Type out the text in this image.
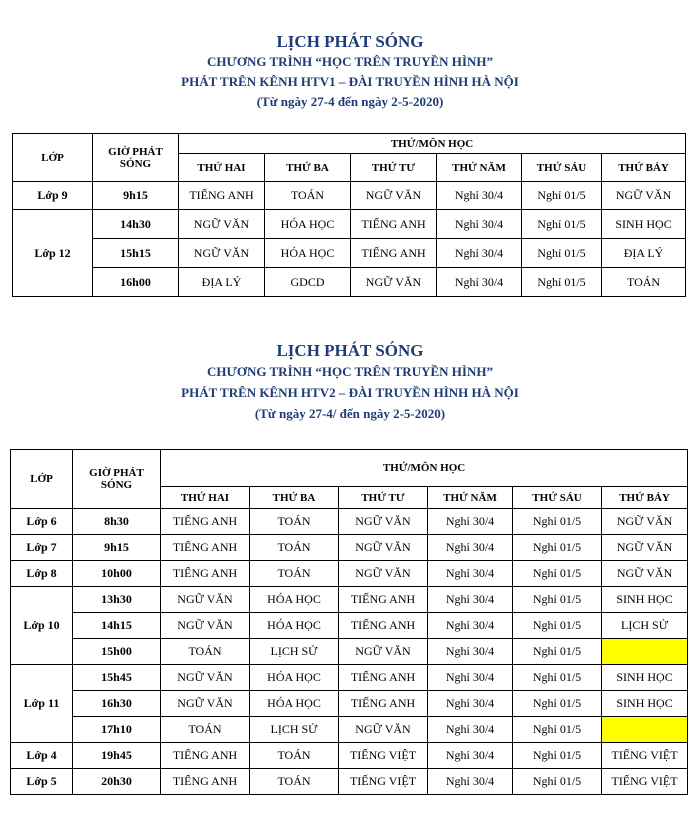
LỊCH PHÁT SÓNG
CHƯƠNG TRÌNH “HỌC TRÊN TRUYỀN HÌNH”
PHÁT TRÊN KÊNH HTV1 – ĐÀI TRUYỀN HÌNH HÀ NỘI
(Từ ngày 27-4 đến ngày 2-5-2020)
LỚP	GIỜ PHÁT SÓNG	THỨ/MÔN HỌC					
		THỨ HAI	THỨ BA	THỨ TƯ	THỨ NĂM	THỨ SÁU	THỨ BẢY
Lớp 9	9h15	TIẾNG ANH	TOÁN	NGỮ VĂN	Nghỉ 30/4	Nghỉ 01/5	NGỮ VĂN
Lớp 12	14h30	NGỮ VĂN	HÓA HỌC	TIẾNG ANH	Nghỉ 30/4	Nghỉ 01/5	SINH HỌC
	15h15	NGỮ VĂN	HÓA HỌC	TIẾNG ANH	Nghỉ 30/4	Nghỉ 01/5	ĐỊA LÝ
	16h00	ĐỊA LÝ	GDCD	NGỮ VĂN	Nghỉ 30/4	Nghỉ 01/5	TOÁN
LỊCH PHÁT SÓNG
CHƯƠNG TRÌNH “HỌC TRÊN TRUYỀN HÌNH”
PHÁT TRÊN KÊNH HTV2 – ĐÀI TRUYỀN HÌNH HÀ NỘI
(Từ ngày 27-4/ đến ngày 2-5-2020)
LỚP	GIỜ PHÁT SÓNG	THỨ/MÔN HỌC					
		THỨ HAI	THỨ BA	THỨ TƯ	THỨ NĂM	THỨ SÁU	THỨ BẢY
Lớp 6	8h30	TIẾNG ANH	TOÁN	NGỮ VĂN	Nghỉ 30/4	Nghỉ 01/5	NGỮ VĂN
Lớp 7	9h15	TIẾNG ANH	TOÁN	NGỮ VĂN	Nghỉ 30/4	Nghỉ 01/5	NGỮ VĂN
Lớp 8	10h00	TIẾNG ANH	TOÁN	NGỮ VĂN	Nghỉ 30/4	Nghỉ 01/5	NGỮ VĂN
Lớp 10	13h30	NGỮ VĂN	HÓA HỌC	TIẾNG ANH	Nghỉ 30/4	Nghỉ 01/5	SINH HỌC
	14h15	NGỮ VĂN	HÓA HỌC	TIẾNG ANH	Nghỉ 30/4	Nghỉ 01/5	LỊCH SỬ
	15h00	TOÁN	LỊCH SỬ	NGỮ VĂN	Nghỉ 30/4	Nghỉ 01/5	
Lớp 11	15h45	NGỮ VĂN	HÓA HỌC	TIẾNG ANH	Nghỉ 30/4	Nghỉ 01/5	SINH HỌC
	16h30	NGỮ VĂN	HÓA HỌC	TIẾNG ANH	Nghỉ 30/4	Nghỉ 01/5	SINH HỌC
	17h10	TOÁN	LỊCH SỬ	NGỮ VĂN	Nghỉ 30/4	Nghỉ 01/5	
Lớp 4	19h45	TIẾNG ANH	TOÁN	TIẾNG VIỆT	Nghỉ 30/4	Nghỉ 01/5	TIẾNG VIỆT
Lớp 5	20h30	TIẾNG ANH	TOÁN	TIẾNG VIỆT	Nghỉ 30/4	Nghỉ 01/5	TIẾNG VIỆT
